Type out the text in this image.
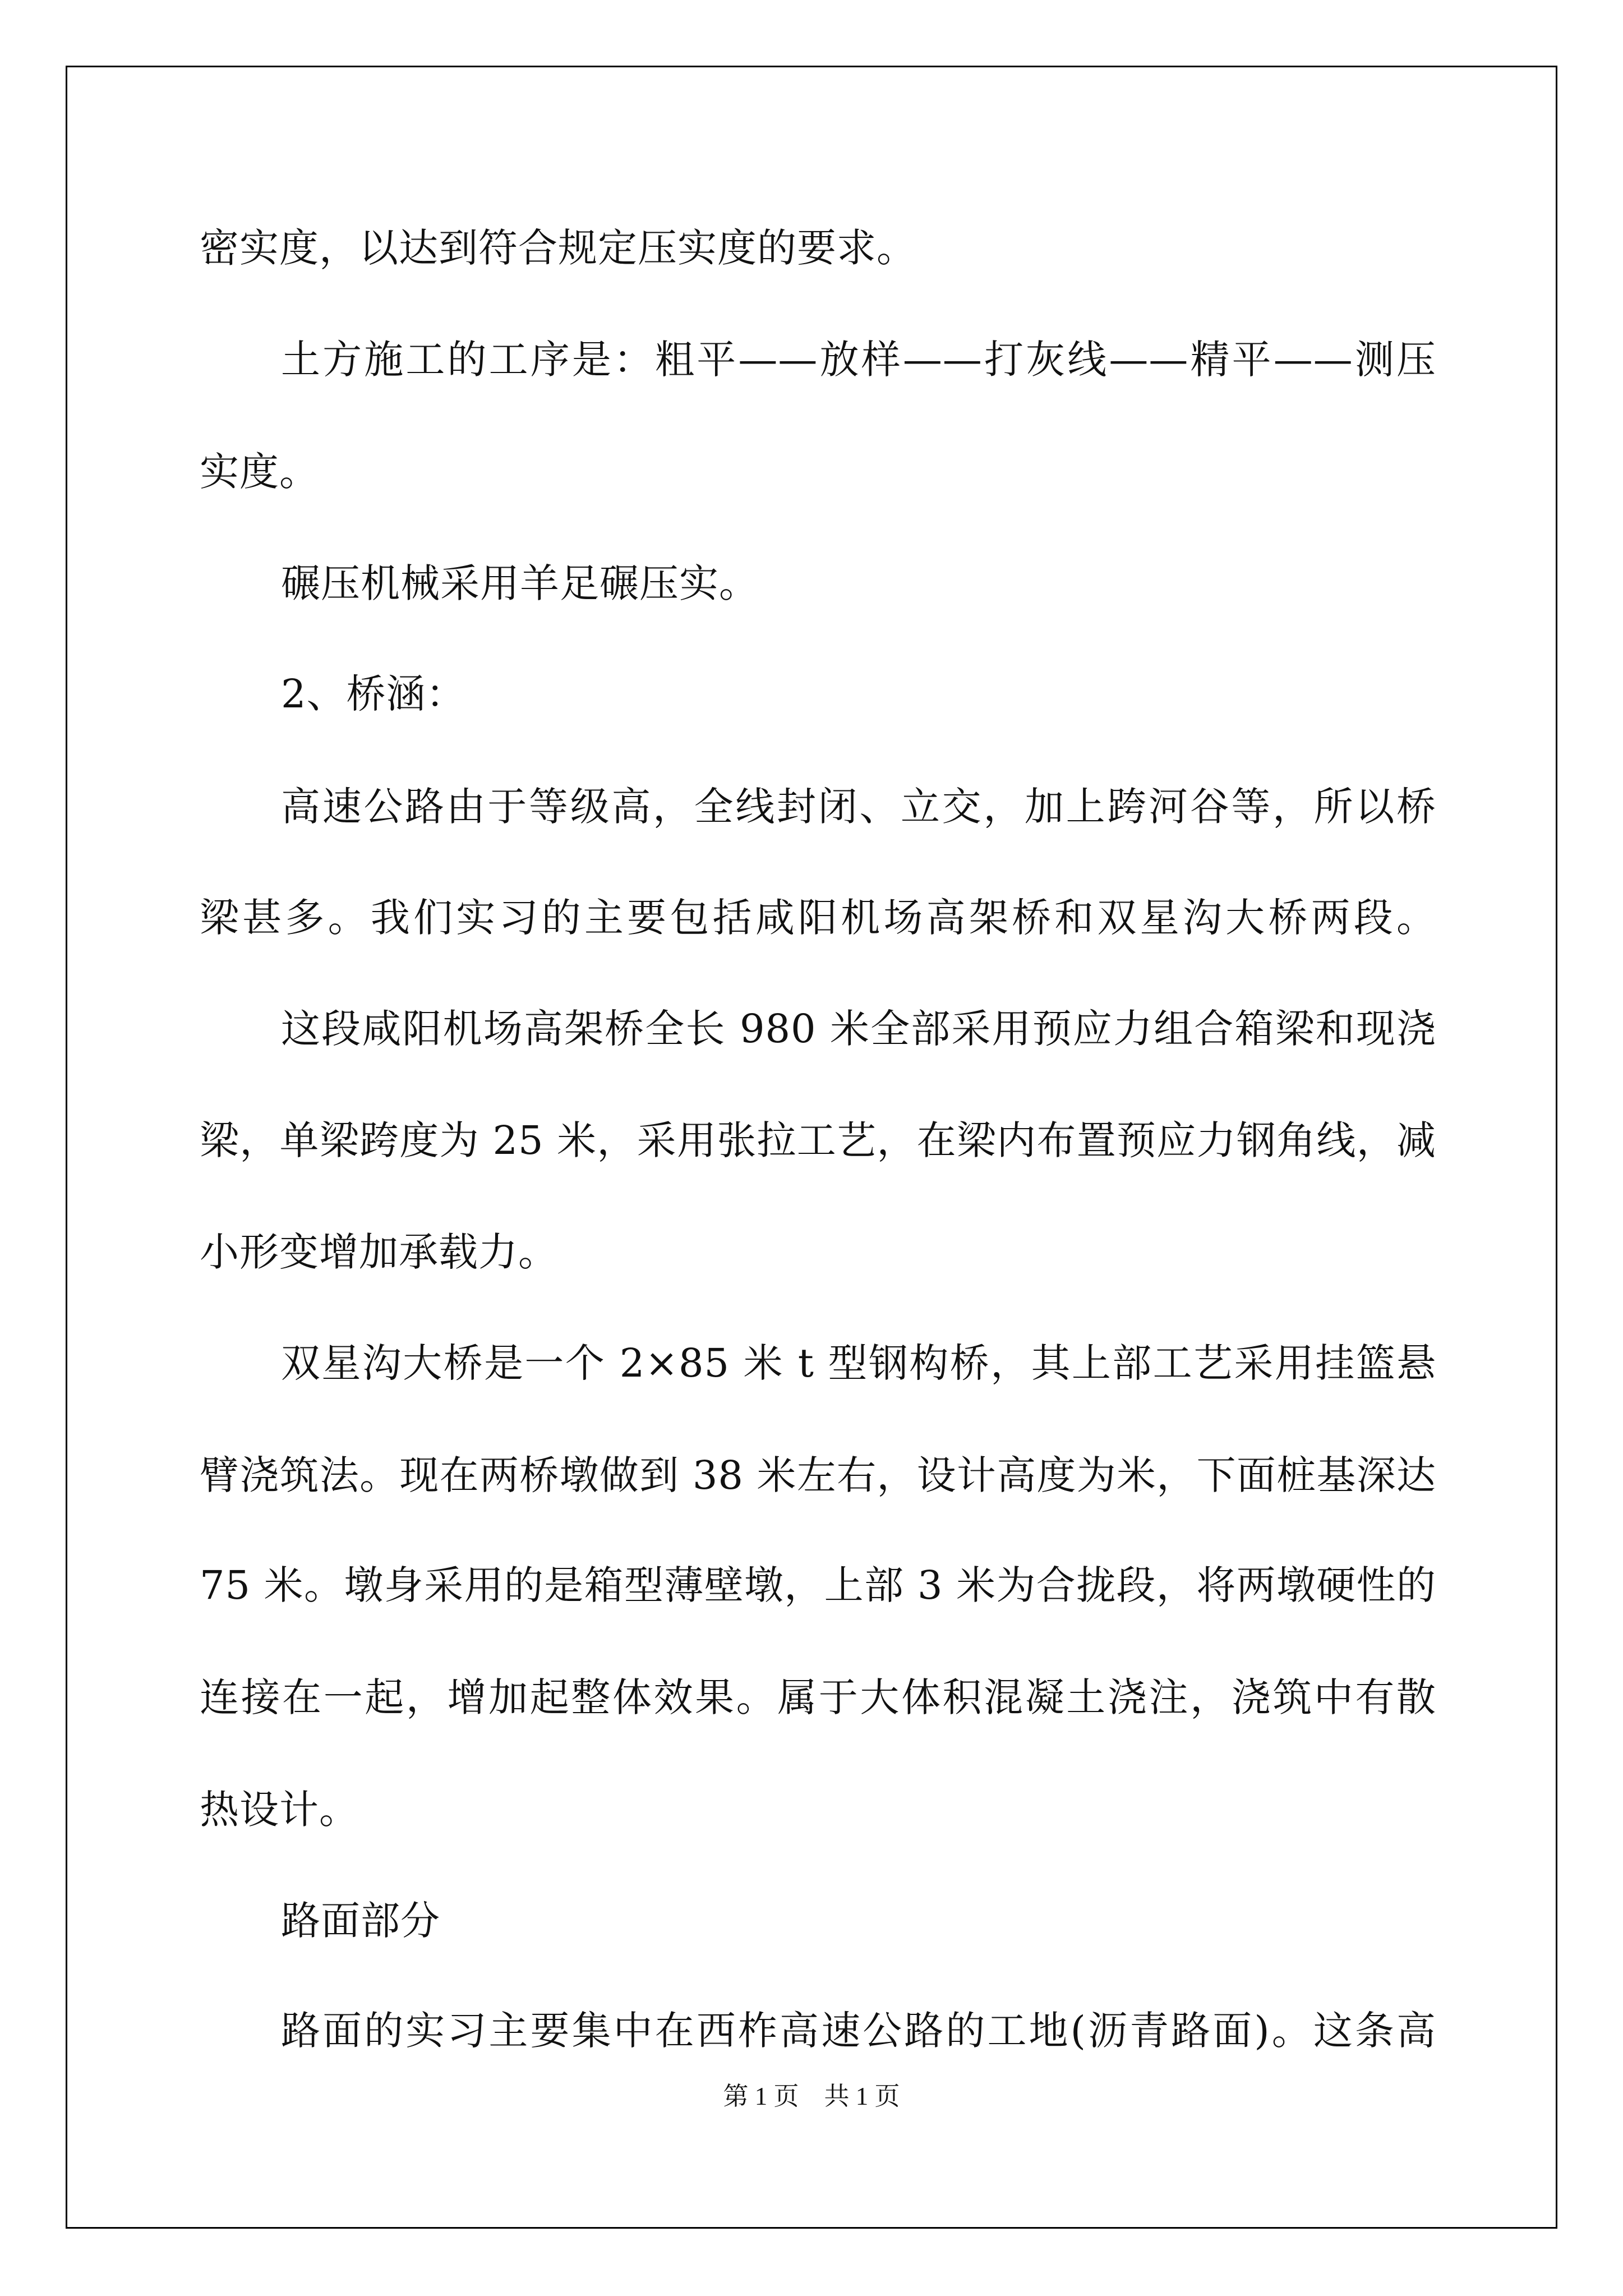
密实度，以达到符合规定压实度的要求。
土方施工的工序是：粗平——放样——打灰线——精平——测压
实度。
碾压机械采用羊足碾压实。
2、桥涵：
高速公路由于等级高，全线封闭、立交，加上跨河谷等，所以桥
梁甚多。我们实习的主要包括咸阳机场高架桥和双星沟大桥两段。
这段咸阳机场高架桥全长 980 米全部采用预应力组合箱梁和现浇
梁，单梁跨度为 25 米，采用张拉工艺，在梁内布置预应力钢角线，减
小形变增加承载力。
双星沟大桥是一个 2×85 米 t 型钢构桥，其上部工艺采用挂篮悬
臂浇筑法。现在两桥墩做到 38 米左右，设计高度为米，下面桩基深达
75 米。墩身采用的是箱型薄壁墩，上部 3 米为合拢段，将两墩硬性的
连接在一起，增加起整体效果。属于大体积混凝土浇注，浇筑中有散
热设计。
路面部分
路面的实习主要集中在西柞高速公路的工地(沥青路面)。这条高
第 1 页　共 1 页
